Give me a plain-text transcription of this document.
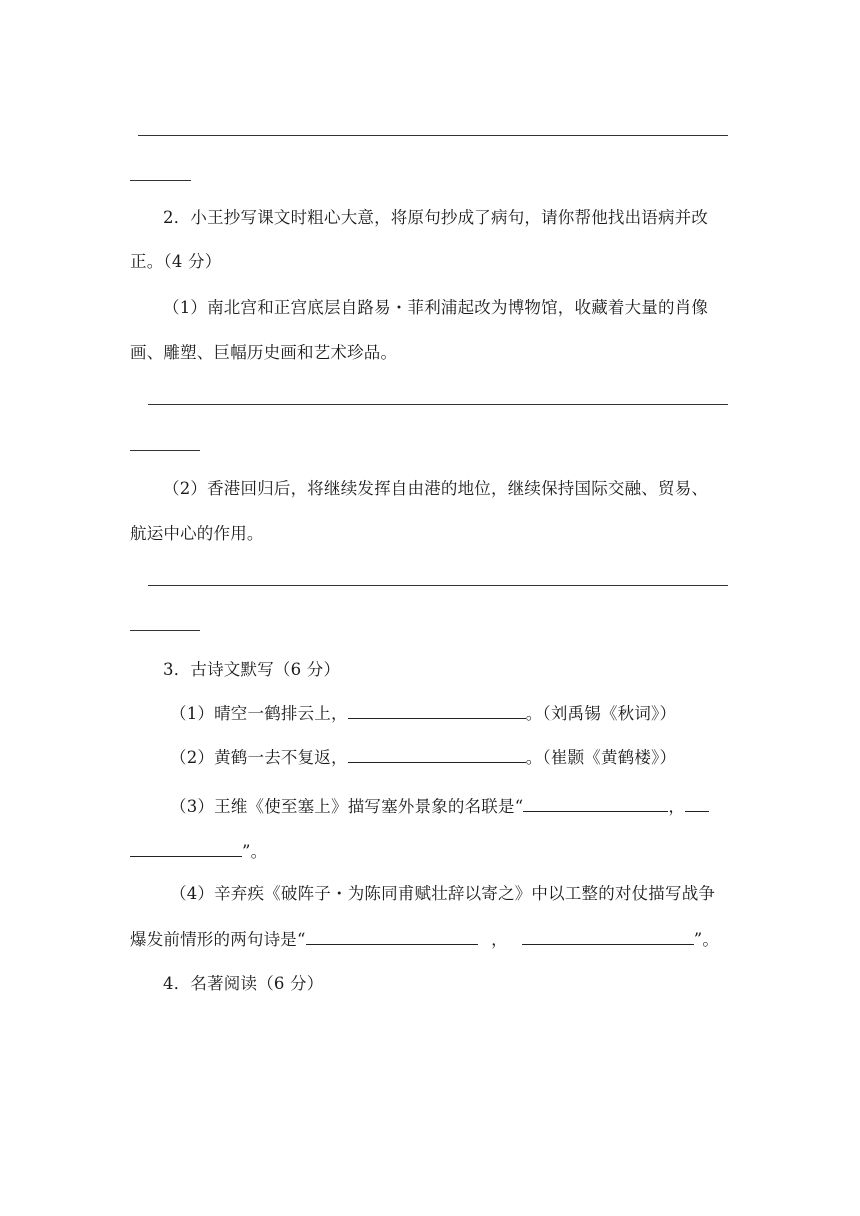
2．小王抄写课文时粗心大意，将原句抄成了病句，请你帮他找出语病并改
正。（4 分）
（1）南北宫和正宫底层自路易・菲利浦起改为博物馆，收藏着大量的肖像
画、雕塑、巨幅历史画和艺术珍品。
（2）香港回归后，将继续发挥自由港的地位，继续保持国际交融、贸易、
航运中心的作用。
3．古诗文默写（6 分）
（1）晴空一鹤排云上，	。（刘禹锡《秋词》）
（2）黄鹤一去不复返，	。（崔颢《黄鹤楼》）
（3）王维《使至塞上》描写塞外景象的名联是“	，
”。
（4）辛弃疾《破阵子・为陈同甫赋壮辞以寄之》中以工整的对仗描写战争
爆发前情形的两句诗是“	，	”。
4．名著阅读（6 分）
